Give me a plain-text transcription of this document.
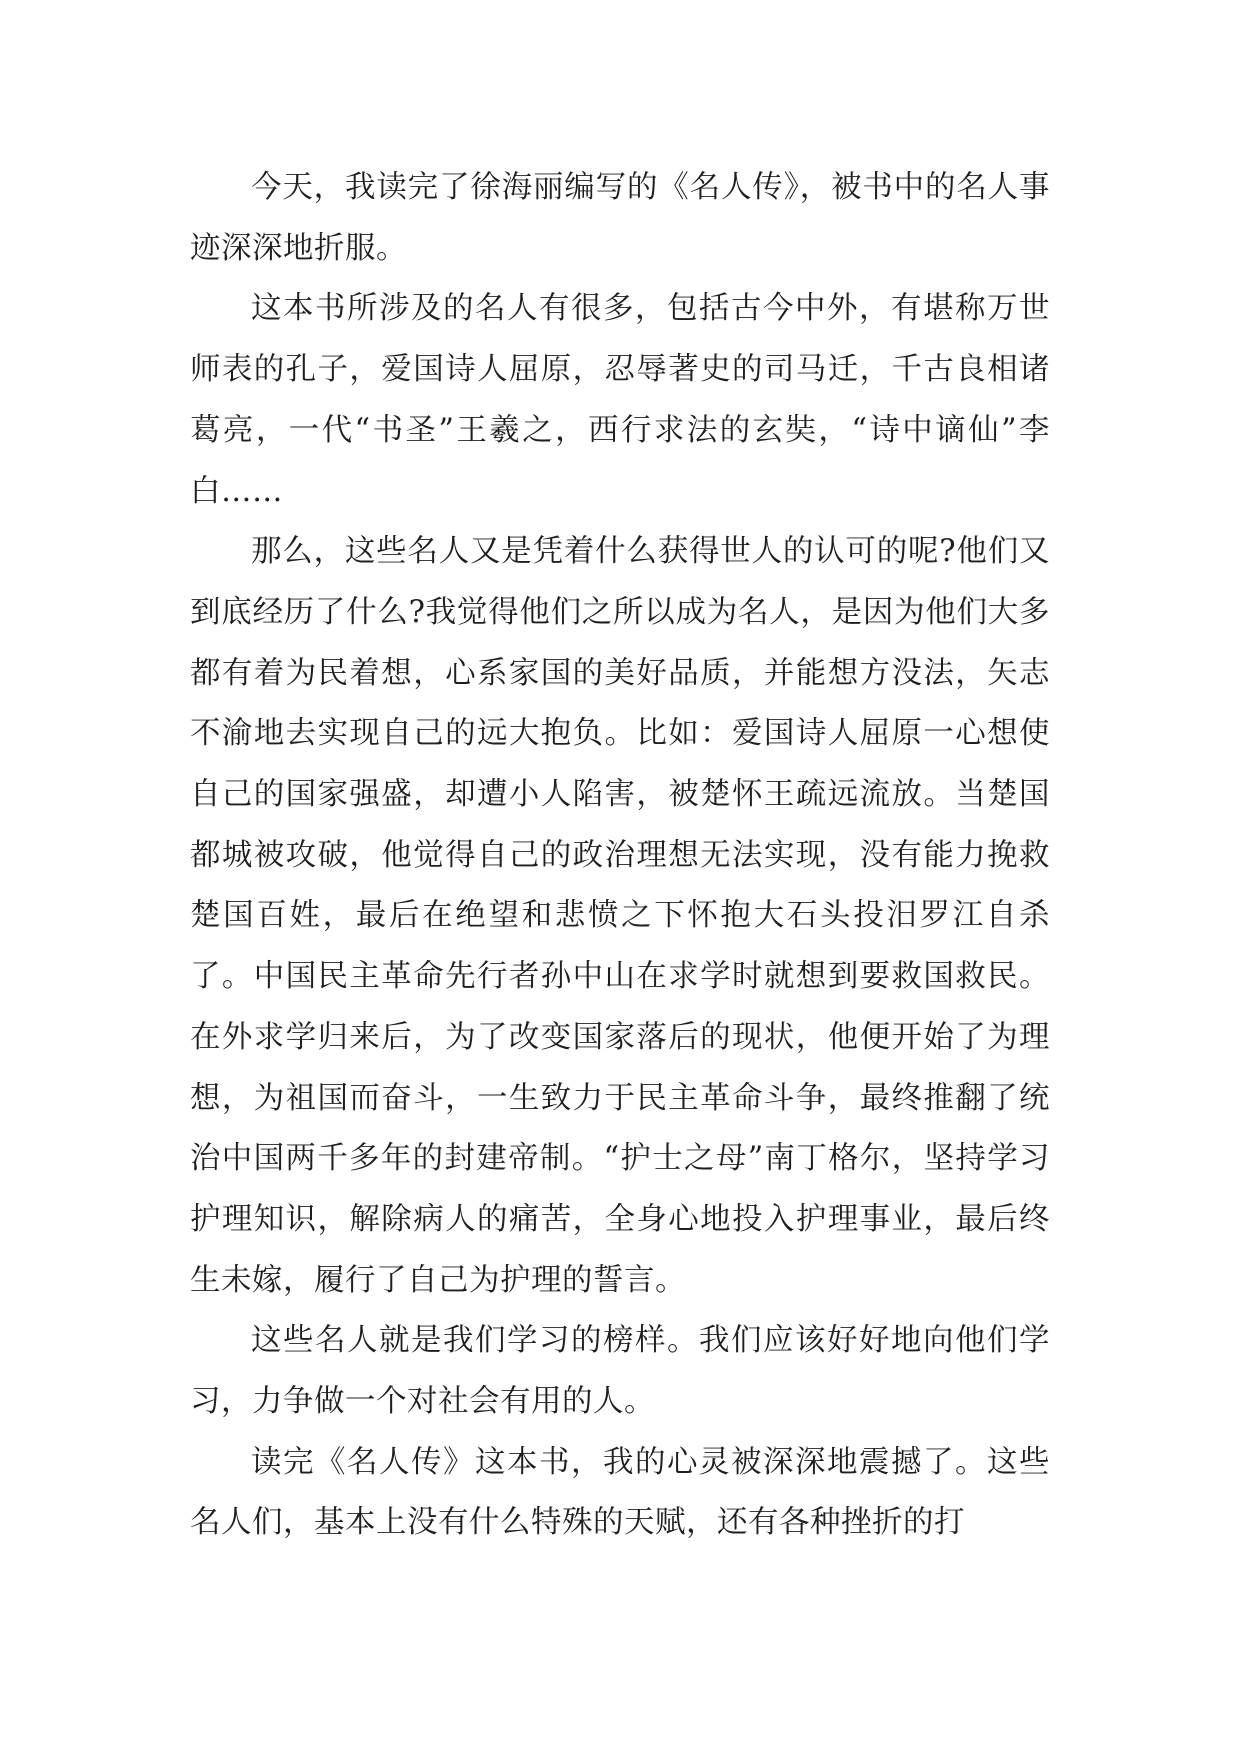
今天，我读完了徐海丽编写的《名人传》，被书中的名人事迹深深地折服。

这本书所涉及的名人有很多，包括古今中外，有堪称万世师表的孔子，爱国诗人屈原，忍辱著史的司马迁，千古良相诸葛亮，一代“书圣”王羲之，西行求法的玄奘，“诗中谪仙”李白……

那么，这些名人又是凭着什么获得世人的认可的呢?他们又到底经历了什么?我觉得他们之所以成为名人，是因为他们大多都有着为民着想，心系家国的美好品质，并能想方没法，矢志不渝地去实现自己的远大抱负。比如：爱国诗人屈原一心想使自己的国家强盛，却遭小人陷害，被楚怀王疏远流放。当楚国都城被攻破，他觉得自己的政治理想无法实现，没有能力挽救楚国百姓，最后在绝望和悲愤之下怀抱大石头投汨罗江自杀了。中国民主革命先行者孙中山在求学时就想到要救国救民。在外求学归来后，为了改变国家落后的现状，他便开始了为理想，为祖国而奋斗，一生致力于民主革命斗争，最终推翻了统治中国两千多年的封建帝制。“护士之母”南丁格尔，坚持学习护理知识，解除病人的痛苦，全身心地投入护理事业，最后终生未嫁，履行了自己为护理的誓言。

这些名人就是我们学习的榜样。我们应该好好地向他们学习，力争做一个对社会有用的人。

读完《名人传》这本书，我的心灵被深深地震撼了。这些名人们，基本上没有什么特殊的天赋，还有各种挫折的打
